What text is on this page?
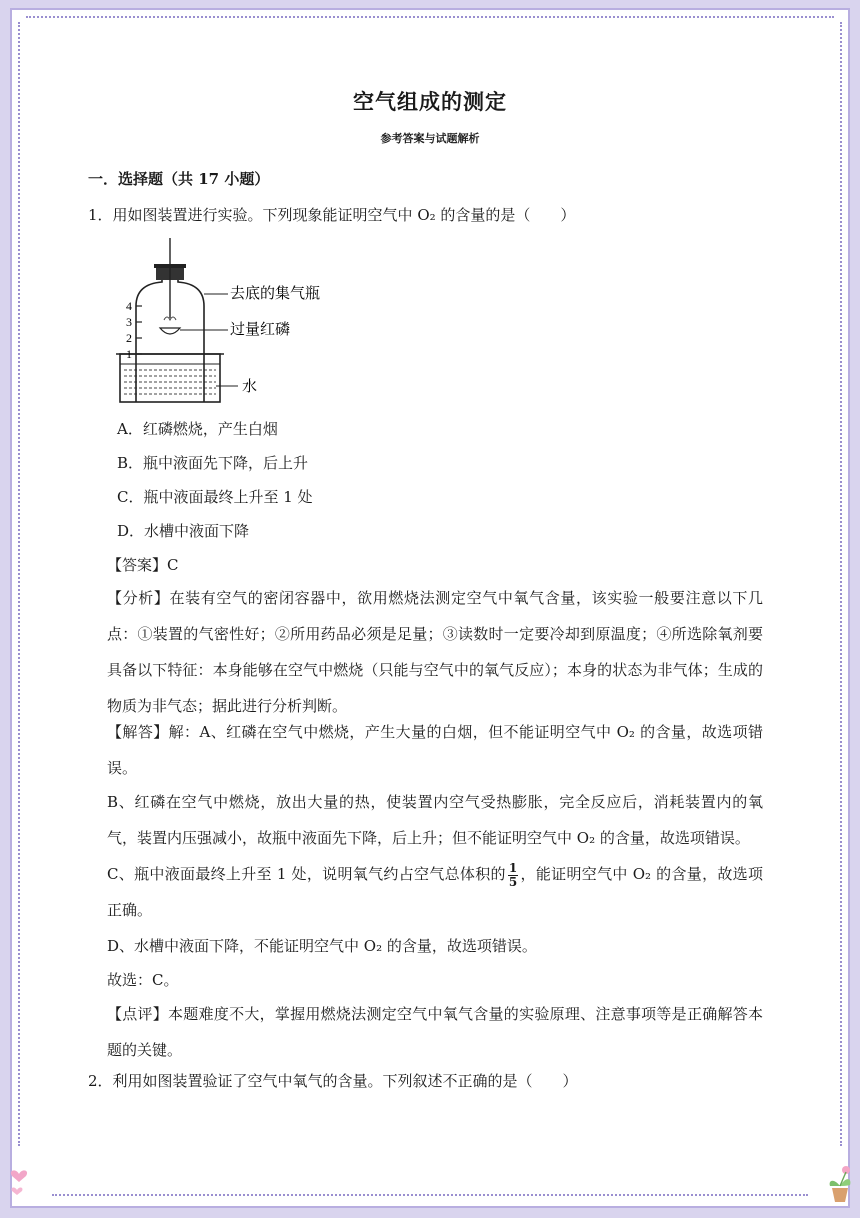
空气组成的测定
参考答案与试题解析
一．选择题（共 17 小题）
1．用如图装置进行实验。下列现象能证明空气中 O₂ 的含量的是（　　）
4
3
2
1
去底的集气瓶
过量红磷
水
A．红磷燃烧，产生白烟
B．瓶中液面先下降，后上升
C．瓶中液面最终上升至 1 处
D．水槽中液面下降
【答案】C
【分析】在装有空气的密闭容器中，欲用燃烧法测定空气中氧气含量，该实验一般要注意以下几点：①装置的气密性好；②所用药品必须是足量；③读数时一定要冷却到原温度；④所选除氧剂要具备以下特征：本身能够在空气中燃烧（只能与空气中的氧气反应）；本身的状态为非气体；生成的物质为非气态；据此进行分析判断。
【解答】解：A、红磷在空气中燃烧，产生大量的白烟，但不能证明空气中 O₂ 的含量，故选项错误。
B、红磷在空气中燃烧，放出大量的热，使装置内空气受热膨胀，完全反应后，消耗装置内的氧气，装置内压强减小，故瓶中液面先下降，后上升；但不能证明空气中 O₂ 的含量，故选项错误。
C、瓶中液面最终上升至 1 处，说明氧气约占空气总体积的 $\frac{1}{5}$ ，能证明空气中 O₂ 的含量，故选项正确。
D、水槽中液面下降，不能证明空气中 O₂ 的含量，故选项错误。
故选：C。
【点评】本题难度不大，掌握用燃烧法测定空气中氧气含量的实验原理、注意事项等是正确解答本题的关键。
2．利用如图装置验证了空气中氧气的含量。下列叙述不正确的是（　　）
